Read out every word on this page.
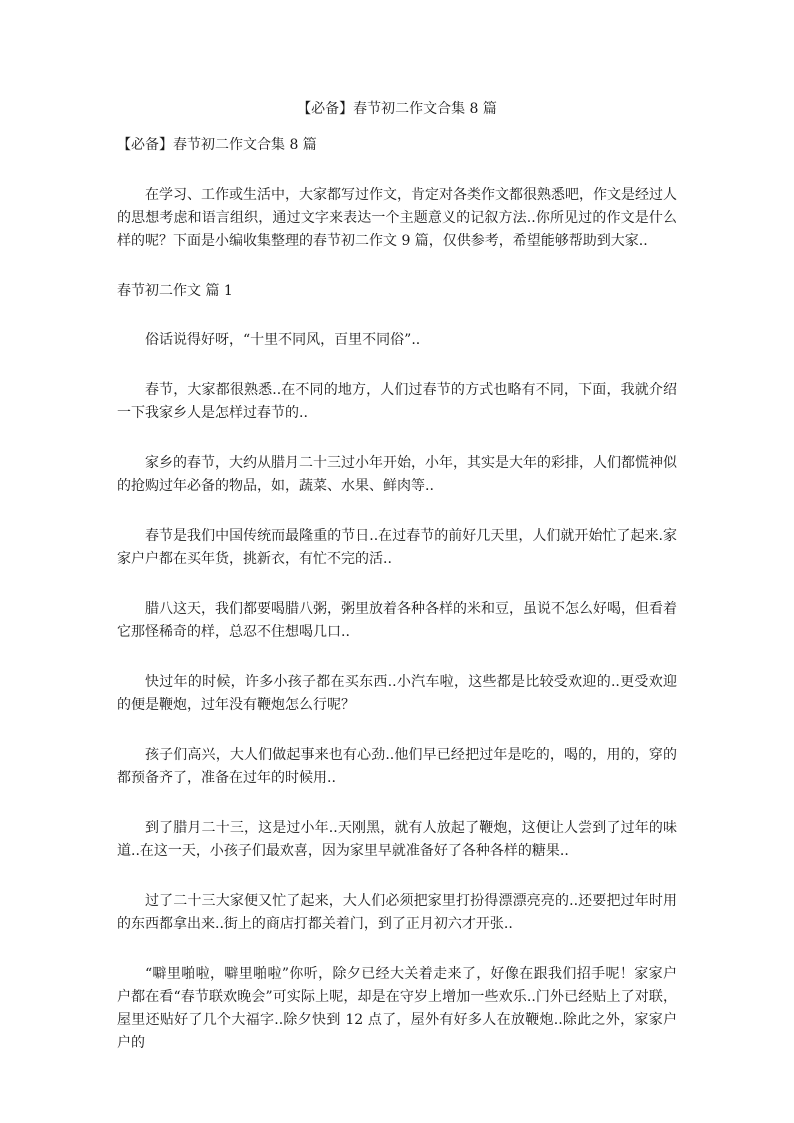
【必备】春节初二作文合集 8 篇
【必备】春节初二作文合集 8 篇

在学习、工作或生活中，大家都写过作文，肯定对各类作文都很熟悉吧，作文是经过人的思想考虑和语言组织，通过文字来表达一个主题意义的记叙方法..你所见过的作文是什么样的呢？下面是小编收集整理的春节初二作文 9 篇，仅供参考，希望能够帮助到大家..

春节初二作文 篇 1

俗话说得好呀，“十里不同风，百里不同俗”..

春节，大家都很熟悉..在不同的地方，人们过春节的方式也略有不同，下面，我就介绍一下我家乡人是怎样过春节的..

家乡的春节，大约从腊月二十三过小年开始，小年，其实是大年的彩排，人们都慌神似的抢购过年必备的物品，如，蔬菜、水果、鲜肉等..

春节是我们中国传统而最隆重的节日..在过春节的前好几天里，人们就开始忙了起来.家家户户都在买年货，挑新衣，有忙不完的活..

腊八这天，我们都要喝腊八粥，粥里放着各种各样的米和豆，虽说不怎么好喝，但看着它那怪稀奇的样，总忍不住想喝几口..

快过年的时候，许多小孩子都在买东西..小汽车啦，这些都是比较受欢迎的..更受欢迎的便是鞭炮，过年没有鞭炮怎么行呢？

孩子们高兴，大人们做起事来也有心劲..他们早已经把过年是吃的，喝的，用的，穿的都预备齐了，准备在过年的时候用..

到了腊月二十三，这是过小年..天刚黑，就有人放起了鞭炮，这便让人尝到了过年的味道..在这一天，小孩子们最欢喜，因为家里早就准备好了各种各样的糖果..

过了二十三大家便又忙了起来，大人们必须把家里打扮得漂漂亮亮的..还要把过年时用的东西都拿出来..街上的商店打都关着门，到了正月初六才开张..

“噼里啪啦，噼里啪啦”你听，除夕已经大关着走来了，好像在跟我们招手呢！家家户户都在看“春节联欢晚会”可实际上呢，却是在守岁上增加一些欢乐..门外已经贴上了对联，屋里还贴好了几个大福字..除夕快到 12 点了，屋外有好多人在放鞭炮..除此之外，家家户户的
